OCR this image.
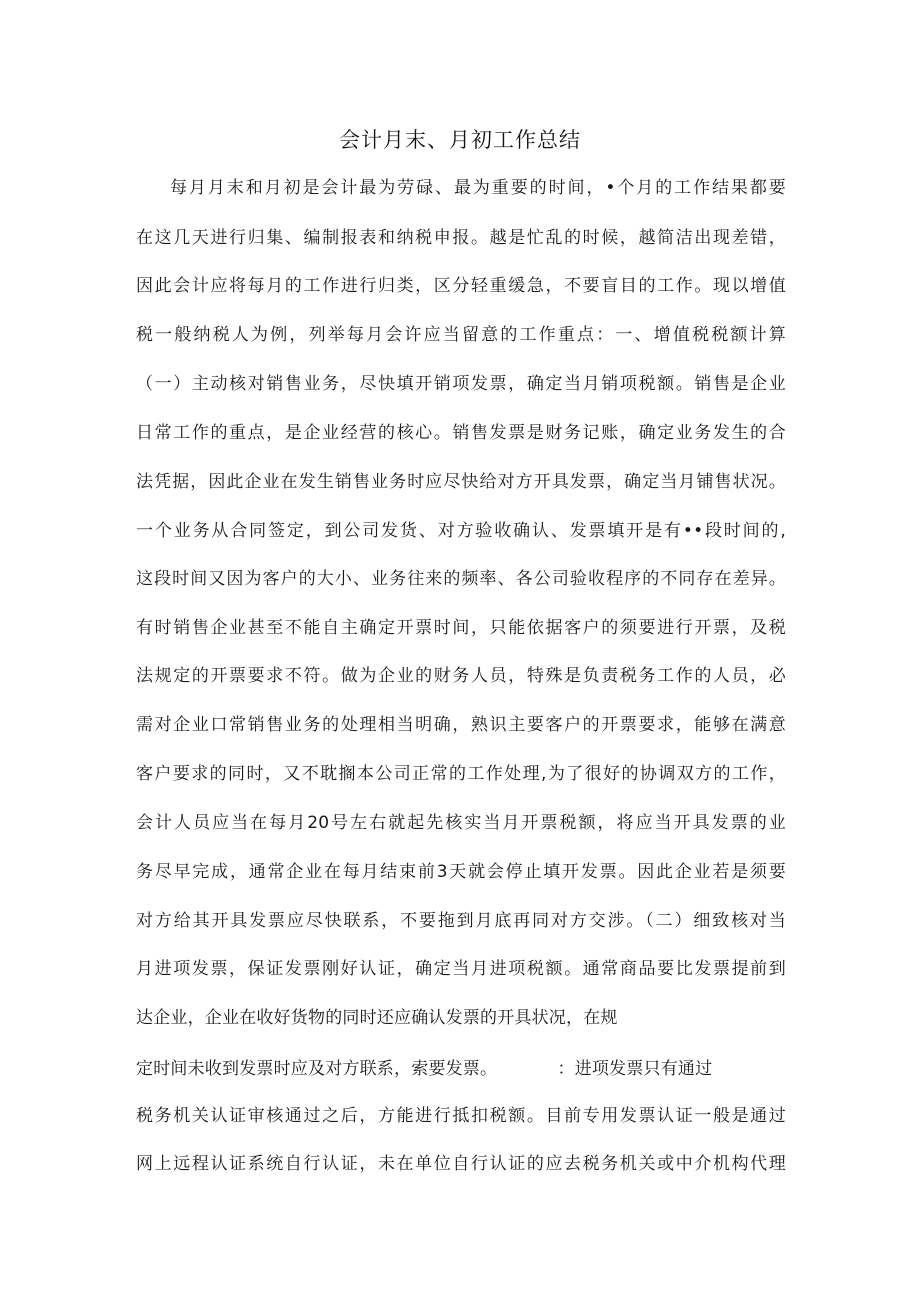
会计月末、月初工作总结
每月月末和月初是会计最为劳碌、最为重要的时间，•个月的工作结果都要
在这几天进行归集、编制报表和纳税申报。越是忙乱的时候，越简洁出现差错，
因此会计应将每月的工作进行归类，区分轻重缓急，不要盲目的工作。现以增值
税一般纳税人为例，列举每月会许应当留意的工作重点：一、增值税税额计算
（一）主动核对销售业务，尽快填开销项发票，确定当月销项税额。销售是企业
日常工作的重点，是企业经营的核心。销售发票是财务记账，确定业务发生的合
法凭据，因此企业在发生销售业务时应尽快给对方开具发票，确定当月铺售状况。
一个业务从合同签定，到公司发货、对方验收确认、发票填开是有••段时间的,
这段时间又因为客户的大小、业务往来的频率、各公司验收程序的不同存在差异。
有时销售企业甚至不能自主确定开票时间，只能依据客户的须要进行开票，及税
法规定的开票要求不符。做为企业的财务人员，特殊是负责税务工作的人员，必
需对企业口常销售业务的处理相当明确，熟识主要客户的开票要求，能够在满意
客户要求的同时，又不耽搁本公司正常的工作处理,为了很好的协调双方的工作，
会计人员应当在每月20号左右就起先核实当月开票税额，将应当开具发票的业
务尽早完成，通常企业在每月结束前3天就会停止填开发票。因此企业若是须要
对方给其开具发票应尽快联系，不要拖到月底再同对方交涉。（二）细致核对当
月进项发票，保证发票刚好认证，确定当月进项税额。通常商品要比发票提前到
达企业，企业在收好货物的同时还应确认发票的开具状况，在规
定时间未收到发票时应及对方联系，索要发票。　　　　：进项发票只有通过
税务机关认证审核通过之后，方能进行抵扣税额。目前专用发票认证一般是通过
网上远程认证系统自行认证，未在单位自行认证的应去税务机关或中介机构代理
